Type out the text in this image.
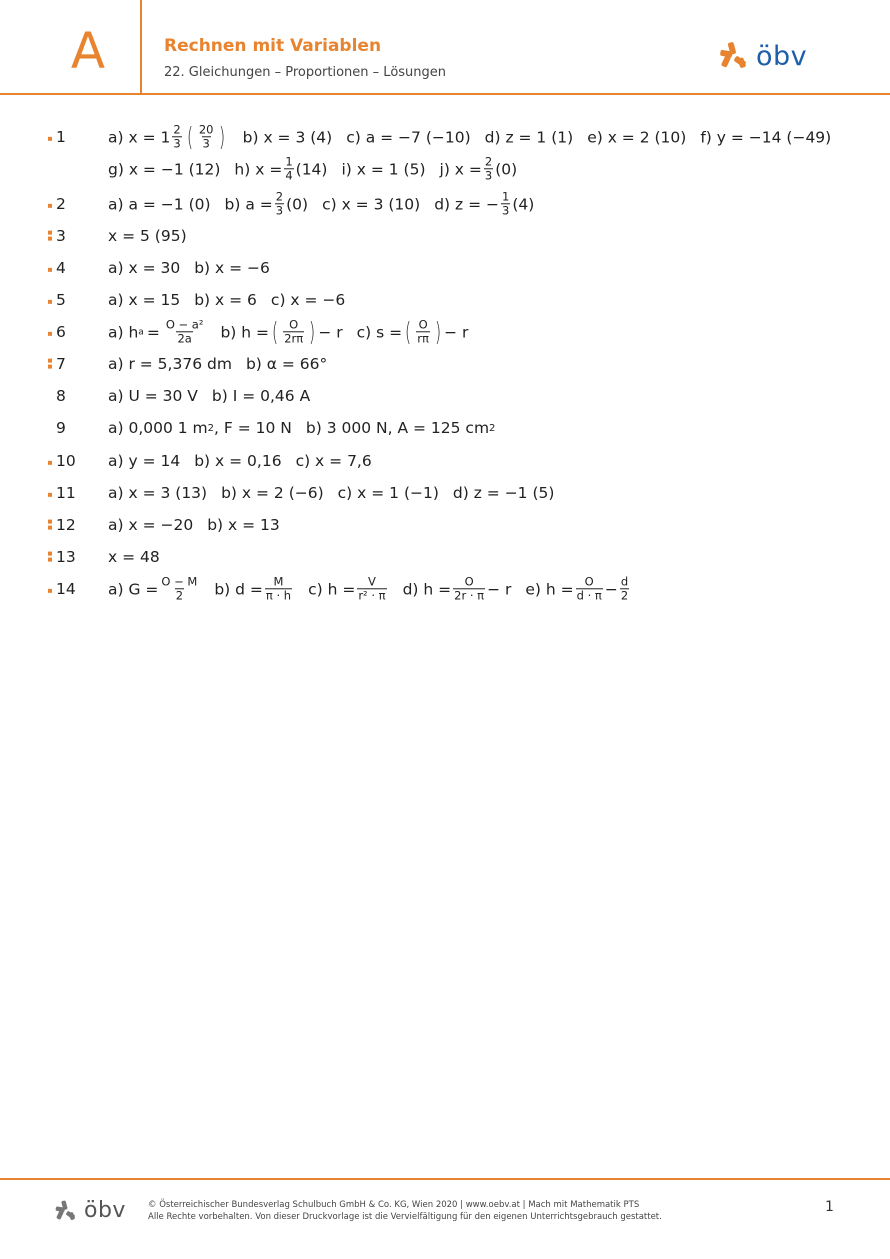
A	Rechnen mit Variablen
22. Gleichungen – Proportionen – Lösungen
öbv
1	a) $x = 1 \frac{2}{3}$ ( $\frac{20}{3}$ ) b) x = 3 (4) c) a = −7 (−10) d) z = 1 (1) e) x = 2 (10) f) y = −14 (−49)
g) x = −1 (12) h) $x = \frac{1}{4} (14)$ i) x = 1 (5) j) $x = \frac{2}{3} (0)$
2	a) a = −1 (0) b) $a = \frac{2}{3} (0)$ c) x = 3 (10) d) z = − $\frac{1}{3} (4)$
3	x = 5 (95)
4	a) x = 30 b) x = −6
5	a) x = 15 b) x = 6 c) x = −6
6	a) h $a = \frac{\text{O − a²}}{2a} b$) h = ( $\frac{O}{2r\pi}$ ) − r c) s = ( $\frac{O}{r\pi}$ ) − r
7	a) r = 5,376 dm b) α = 66°
8	a) U = 30 V b) I = 0,46 A
9	a) 0,000 1 m 2 , F = 10 N b) 3 000 N, A = 125 cm 2
10 a) y = 14 b) x = 0,16 c) x = 7,6
11 a) x = 3 (13) b) x = 2 (−6) c) x = 1 (−1) d) z = −1 (5)
12 a) x = −20 b) x = 13
13 x = 48
14 a) $G = \frac{O - M}{2} b$) $d = \frac{M}{\pi \cdot h} c$) $h = \frac{V}{\text{r² · π}} d$) $h = \frac{O}{2r \cdot \pi} - r$ e) $h = \frac{O}{d \cdot \pi} - \frac{d}{2}$
öbv	© Österreichischer Bundesverlag Schulbuch GmbH & Co. KG, Wien 2020 | www.oebv.at | Mach mit Mathematik PTS
Alle Rechte vorbehalten. Von dieser Druckvorlage ist die Vervielfältigung für den eigenen Unterrichtsgebrauch gestattet.
1
